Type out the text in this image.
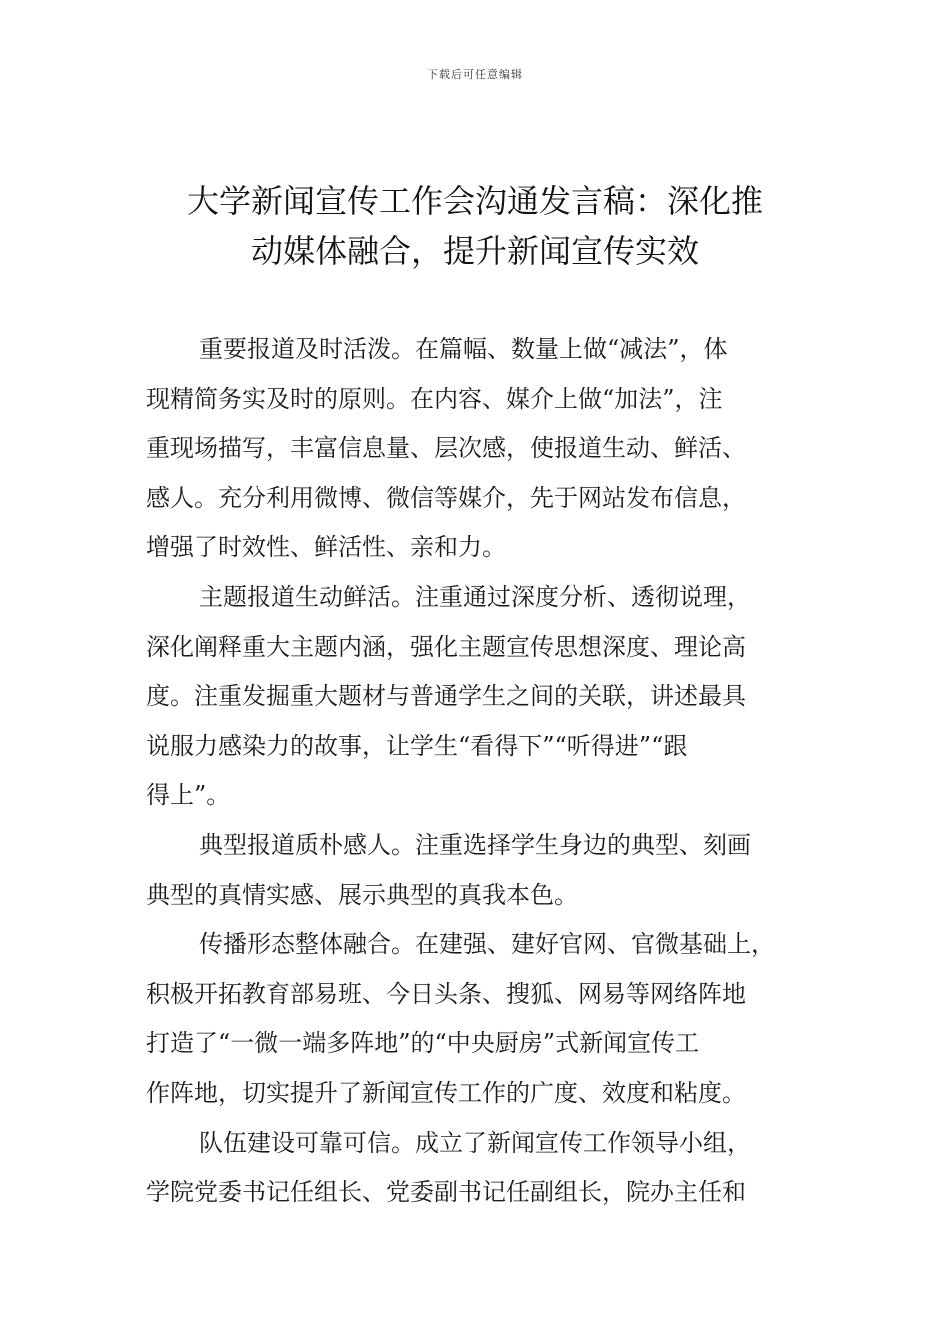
下载后可任意编辑
大学新闻宣传工作会沟通发言稿：深化推
动媒体融合，提升新闻宣传实效

重要报道及时活泼。在篇幅、数量上做“减法”，体
现精简务实及时的原则。在内容、媒介上做“加法”，注
重现场描写，丰富信息量、层次感，使报道生动、鲜活、
感人。充分利用微博、微信等媒介，先于网站发布信息，
增强了时效性、鲜活性、亲和力。

主题报道生动鲜活。注重通过深度分析、透彻说理，
深化阐释重大主题内涵，强化主题宣传思想深度、理论高
度。注重发掘重大题材与普通学生之间的关联，讲述最具
说服力感染力的故事，让学生“看得下”“听得进”“跟
得上”。

典型报道质朴感人。注重选择学生身边的典型、刻画
典型的真情实感、展示典型的真我本色。

传播形态整体融合。在建强、建好官网、官微基础上，
积极开拓教育部易班、今日头条、搜狐、网易等网络阵地
打造了“一微一端多阵地”的“中央厨房”式新闻宣传工
作阵地，切实提升了新闻宣传工作的广度、效度和粘度。

队伍建设可靠可信。成立了新闻宣传工作领导小组，
学院党委书记任组长、党委副书记任副组长，院办主任和
